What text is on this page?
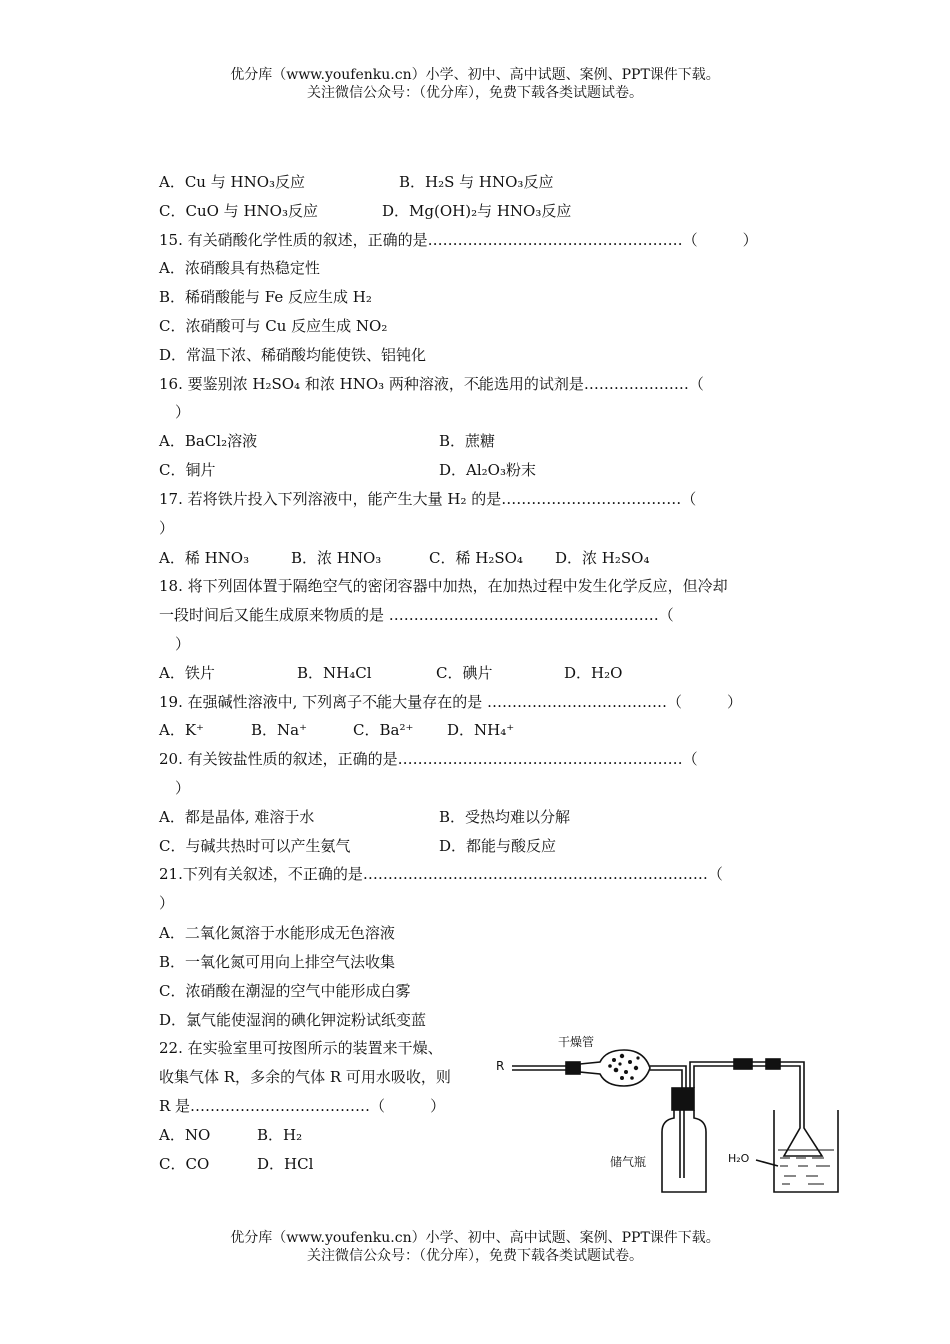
优分库（www.youfenku.cn）小学、初中、高中试题、案例、PPT课件下载。
关注微信公众号：（优分库），免费下载各类试题试卷。
A．Cu 与 HNO₃反应	B．H₂S 与 HNO₃反应
C．CuO 与 HNO₃反应	D．Mg(OH)₂与 HNO₃反应
15. 有关硝酸化学性质的叙述，正确的是……………………………………………（　　　）
A．浓硝酸具有热稳定性
B．稀硝酸能与 Fe 反应生成 H₂
C．浓硝酸可与 Cu 反应生成 NO₂
D．常温下浓、稀硝酸均能使铁、铝钝化
16. 要鉴别浓 H₂SO₄ 和浓 HNO₃ 两种溶液，不能选用的试剂是…………………（
）
A．BaCl₂溶液	B．蔗糖
C．铜片	D．Al₂O₃粉末
17. 若将铁片投入下列溶液中，能产生大量 H₂ 的是………………………………（
）
A．稀 HNO₃	B．浓 HNO₃	C．稀 H₂SO₄ D．浓 H₂SO₄
18. 将下列固体置于隔绝空气的密闭容器中加热，在加热过程中发生化学反应，但冷却
一段时间后又能生成原来物质的是 ………………………………………………（
）
A．铁片	B．NH₄Cl	C．碘片	D．H₂O
19. 在强碱性溶液中, 下列离子不能大量存在的是 ………………………………（　　　）
A．K⁺	B．Na⁺	C．Ba²⁺ D．NH₄⁺
20. 有关铵盐性质的叙述，正确的是…………………………………………………（
）
A．都是晶体, 难溶于水	B．受热均难以分解
C．与碱共热时可以产生氨气	D．都能与酸反应
21.下列有关叙述，不正确的是……………………………………………………………（
）
A．二氧化氮溶于水能形成无色溶液
B．一氧化氮可用向上排空气法收集
C．浓硝酸在潮湿的空气中能形成白雾
D．氯气能使湿润的碘化钾淀粉试纸变蓝
22. 在实验室里可按图所示的装置来干燥、
收集气体 R，多余的气体 R 可用水吸收，则
R 是………………………………（　　　）
A．NO	B．H₂
C．CO	D．HCl
R
干燥管
储气瓶	H₂O
优分库（www.youfenku.cn）小学、初中、高中试题、案例、PPT课件下载。
关注微信公众号：（优分库），免费下载各类试题试卷。
